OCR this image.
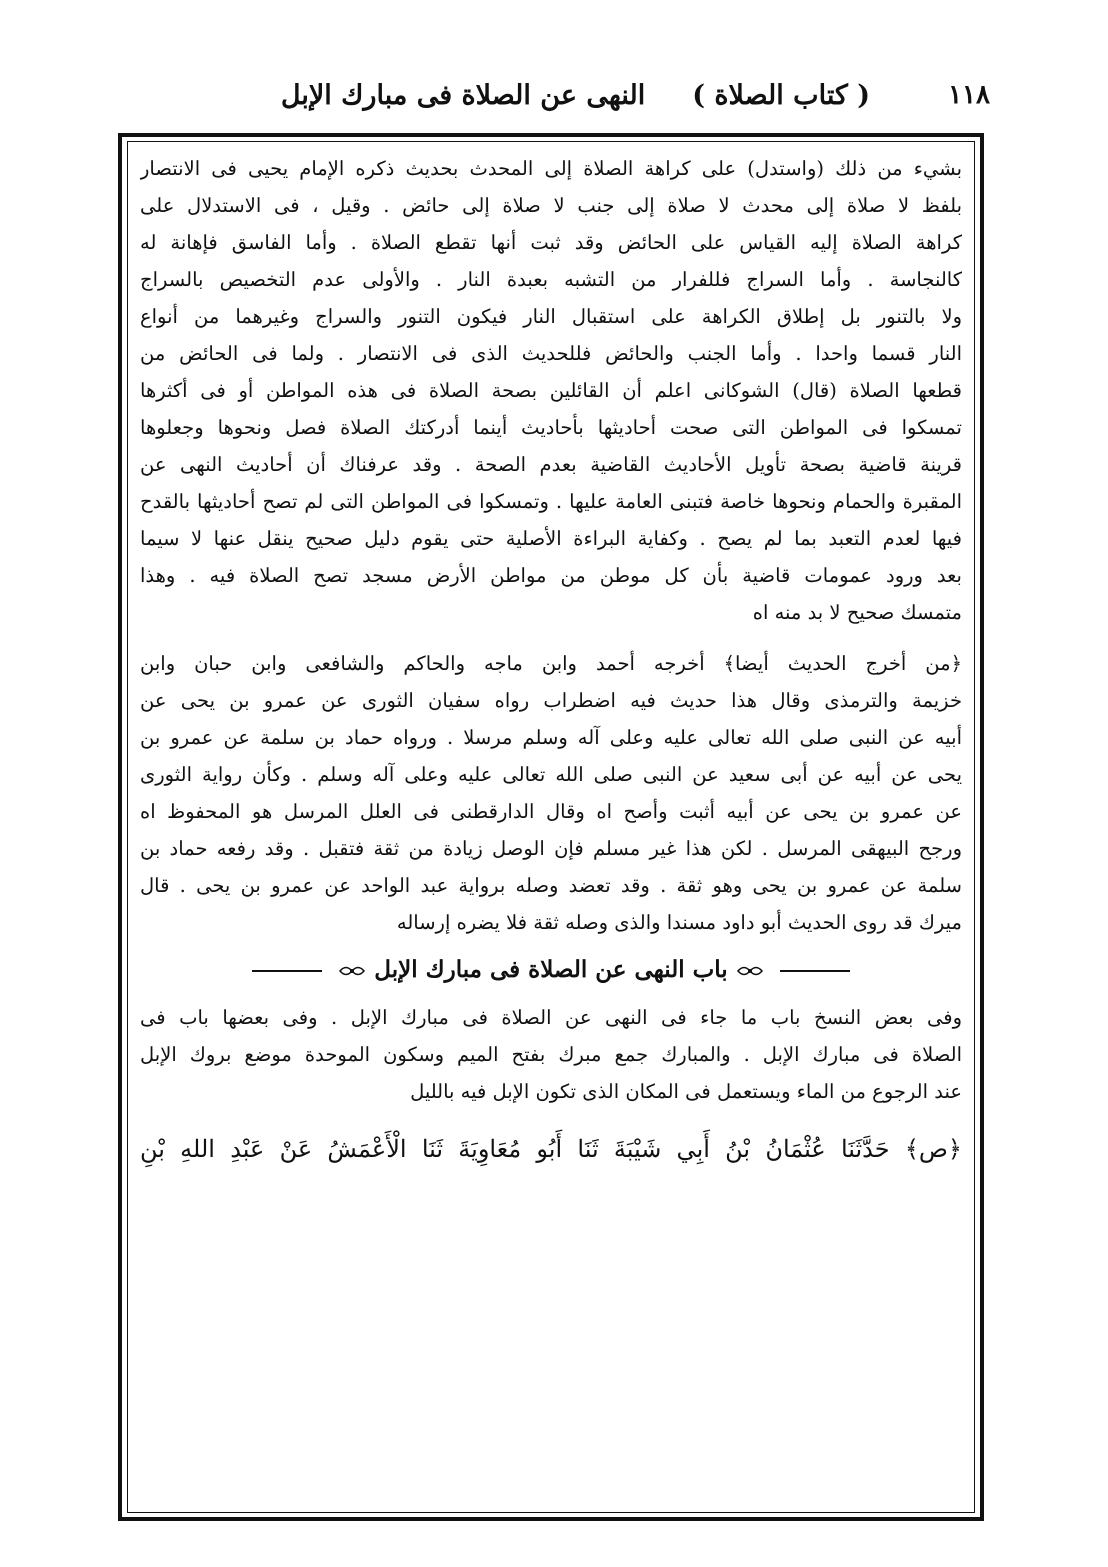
١١٨
( كتاب الصلاة )     النهى عن الصلاة فى مبارك الإبل
بشيء من ذلك (واستدل) على كراهة الصلاة إلى المحدث بحديث ذكره الإمام يحيى فى الانتصار
بلفظ لا صلاة إلى محدث لا صلاة إلى جنب لا صلاة إلى حائض . وقيل ، فى الاستدلال على
كراهة الصلاة إليه القياس على الحائض وقد ثبت أنها تقطع الصلاة . وأما الفاسق فإهانة له
كالنجاسة . وأما السراج فللفرار من التشبه بعبدة النار . والأولى عدم التخصيص بالسراج
ولا بالتنور بل إطلاق الكراهة على استقبال النار فيكون التنور والسراج وغيرهما من أنواع
النار قسما واحدا . وأما الجنب والحائض فللحديث الذى فى الانتصار . ولما فى الحائض من
قطعها الصلاة (قال) الشوكانى اعلم أن القائلين بصحة الصلاة فى هذه المواطن أو فى أكثرها
تمسكوا فى المواطن التى صحت أحاديثها بأحاديث أينما أدركتك الصلاة فصل ونحوها وجعلوها
قرينة قاضية بصحة تأويل الأحاديث القاضية بعدم الصحة . وقد عرفناك أن أحاديث النهى عن
المقبرة والحمام ونحوها خاصة فتبنى العامة عليها . وتمسكوا فى المواطن التى لم تصح أحاديثها بالقدح
فيها لعدم التعبد بما لم يصح . وكفاية البراءة الأصلية حتى يقوم دليل صحيح ينقل عنها لا سيما
بعد ورود عمومات قاضية بأن كل موطن من مواطن الأرض مسجد تصح الصلاة فيه . وهذا
متمسك صحيح لا بد منه اه
﴿من أخرج الحديث أيضا﴾ أخرجه أحمد وابن ماجه والحاكم والشافعى وابن حبان وابن
خزيمة والترمذى وقال هذا حديث فيه اضطراب رواه سفيان الثورى عن عمرو بن يحى عن
أبيه عن النبى صلى الله تعالى عليه وعلى آله وسلم مرسلا . ورواه حماد بن سلمة عن عمرو بن
يحى عن أبيه عن أبى سعيد عن النبى صلى الله تعالى عليه وعلى آله وسلم . وكأن رواية الثورى
عن عمرو بن يحى عن أبيه أثبت وأصح اه وقال الدارقطنى فى العلل المرسل هو المحفوظ اه
ورجح البيهقى المرسل . لكن هذا غير مسلم فإن الوصل زيادة من ثقة فتقبل . وقد رفعه حماد بن
سلمة عن عمرو بن يحى وهو ثقة . وقد تعضد وصله برواية عبد الواحد عن عمرو بن يحى . قال
ميرك قد روى الحديث أبو داود مسندا والذى وصله ثقة فلا يضره إرساله
باب النهى عن الصلاة فى مبارك الإبل
وفى بعض النسخ باب ما جاء فى النهى عن الصلاة فى مبارك الإبل . وفى بعضها باب فى
الصلاة فى مبارك الإبل . والمبارك جمع مبرك بفتح الميم وسكون الموحدة موضع بروك الإبل
عند الرجوع من الماء ويستعمل فى المكان الذى تكون الإبل فيه بالليل
﴿ص﴾ حَدَّثَنَا عُثْمَانُ بْنُ أَبِي شَيْبَةَ ثَنَا أَبُو مُعَاوِيَةَ ثَنَا الْأَعْمَشُ عَنْ عَبْدِ اللهِ بْنِ
